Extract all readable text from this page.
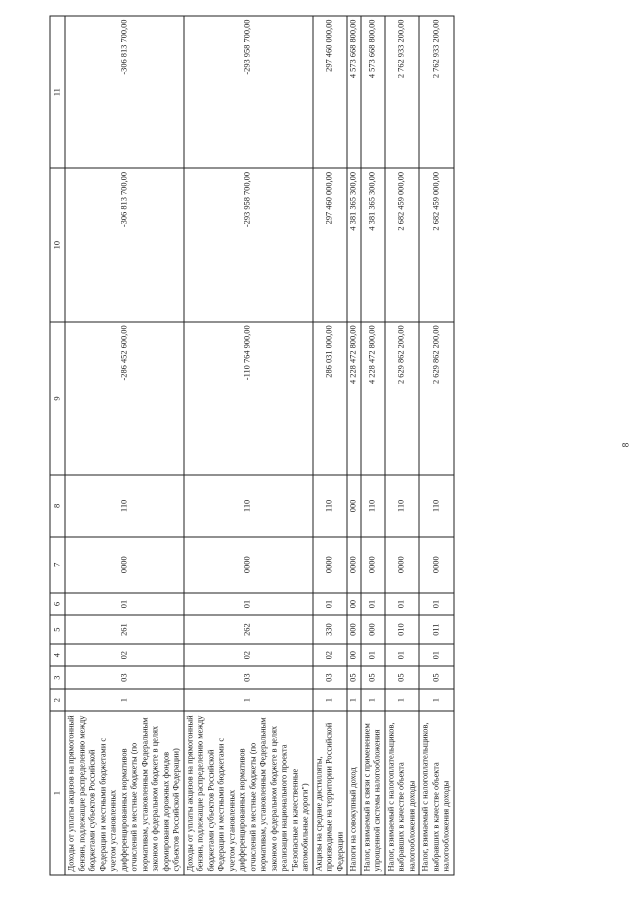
8
1	2	3	4	5	6	7	8	9	10	11
Доходы от уплаты акцизов на прямогонный бензин, подлежащие распределению между бюджетами субъектов Российской Федерации и местными бюджетами с учетом установленных дифференцированных нормативов отчислений в местные бюджеты (по нормативам, установленным Федеральным законом о федеральном бюджете в целях формирования дорожных фондов субъектов Российской Федерации)	1	03	02	261	01	0000	110	-286 452 600,00	-306 813 700,00	-306 813 700,00
Доходы от уплаты акцизов на прямогонный бензин, подлежащие распределению между бюджетами субъектов Российской Федерации и местными бюджетами с учетом установленных дифференцированных нормативов отчислений в местные бюджеты (по нормативам, установленным Федеральным законом о федеральном бюджете в целях реализации национального проекта "Безопасные и качественные автомобильные дороги")	1	03	02	262	01	0000	110	-110 764 900,00	-293 958 700,00	-293 958 700,00
Акцизы на средние дистилляты, производимые на территории Российской Федерации	1	03	02	330	01	0000	110	286 031 000,00	297 460 000,00	297 460 000,00
Налоги на совокупный доход	1	05	00	000	00	0000	000	4 228 472 800,00	4 381 365 300,00	4 573 668 800,00
Налог, взимаемый в связи с применением упрощенной системы налогообложения	1	05	01	000	01	0000	110	4 228 472 800,00	4 381 365 300,00	4 573 668 800,00
Налог, взимаемый с налогоплательщиков, выбравших в качестве объекта налогообложения доходы	1	05	01	010	01	0000	110	2 629 862 200,00	2 682 459 000,00	2 762 933 200,00
Налог, взимаемый с налогоплательщиков, выбравших в качестве объекта налогообложения доходы	1	05	01	011	01	0000	110	2 629 862 200,00	2 682 459 000,00	2 762 933 200,00
